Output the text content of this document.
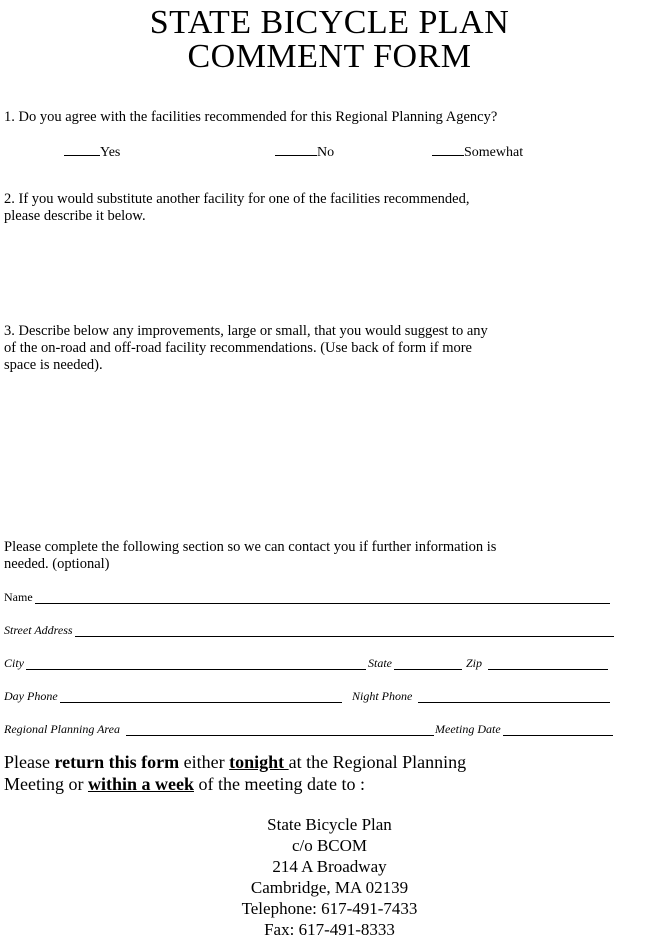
STATE BICYCLE PLAN
COMMENT FORM
1. Do you agree with the facilities recommended for this Regional Planning Agency?
Yes	No	Somewhat
2. If you would substitute another facility for one of the facilities recommended,
please describe it below.
3. Describe below any improvements, large or small, that you would suggest to any
of the on-road and off-road facility recommendations. (Use back of form if more
space is needed).
Please complete the following section so we can contact you if further information is
needed. (optional)
Name
Street Address
City	State	Zip
Day Phone	Night Phone
Regional Planning Area	Meeting Date
Please return this form either tonight at the Regional Planning
Meeting or within a week of the meeting date to :
State Bicycle Plan
c/o BCOM
214 A Broadway
Cambridge, MA 02139
Telephone: 617-491-7433
Fax: 617-491-8333
